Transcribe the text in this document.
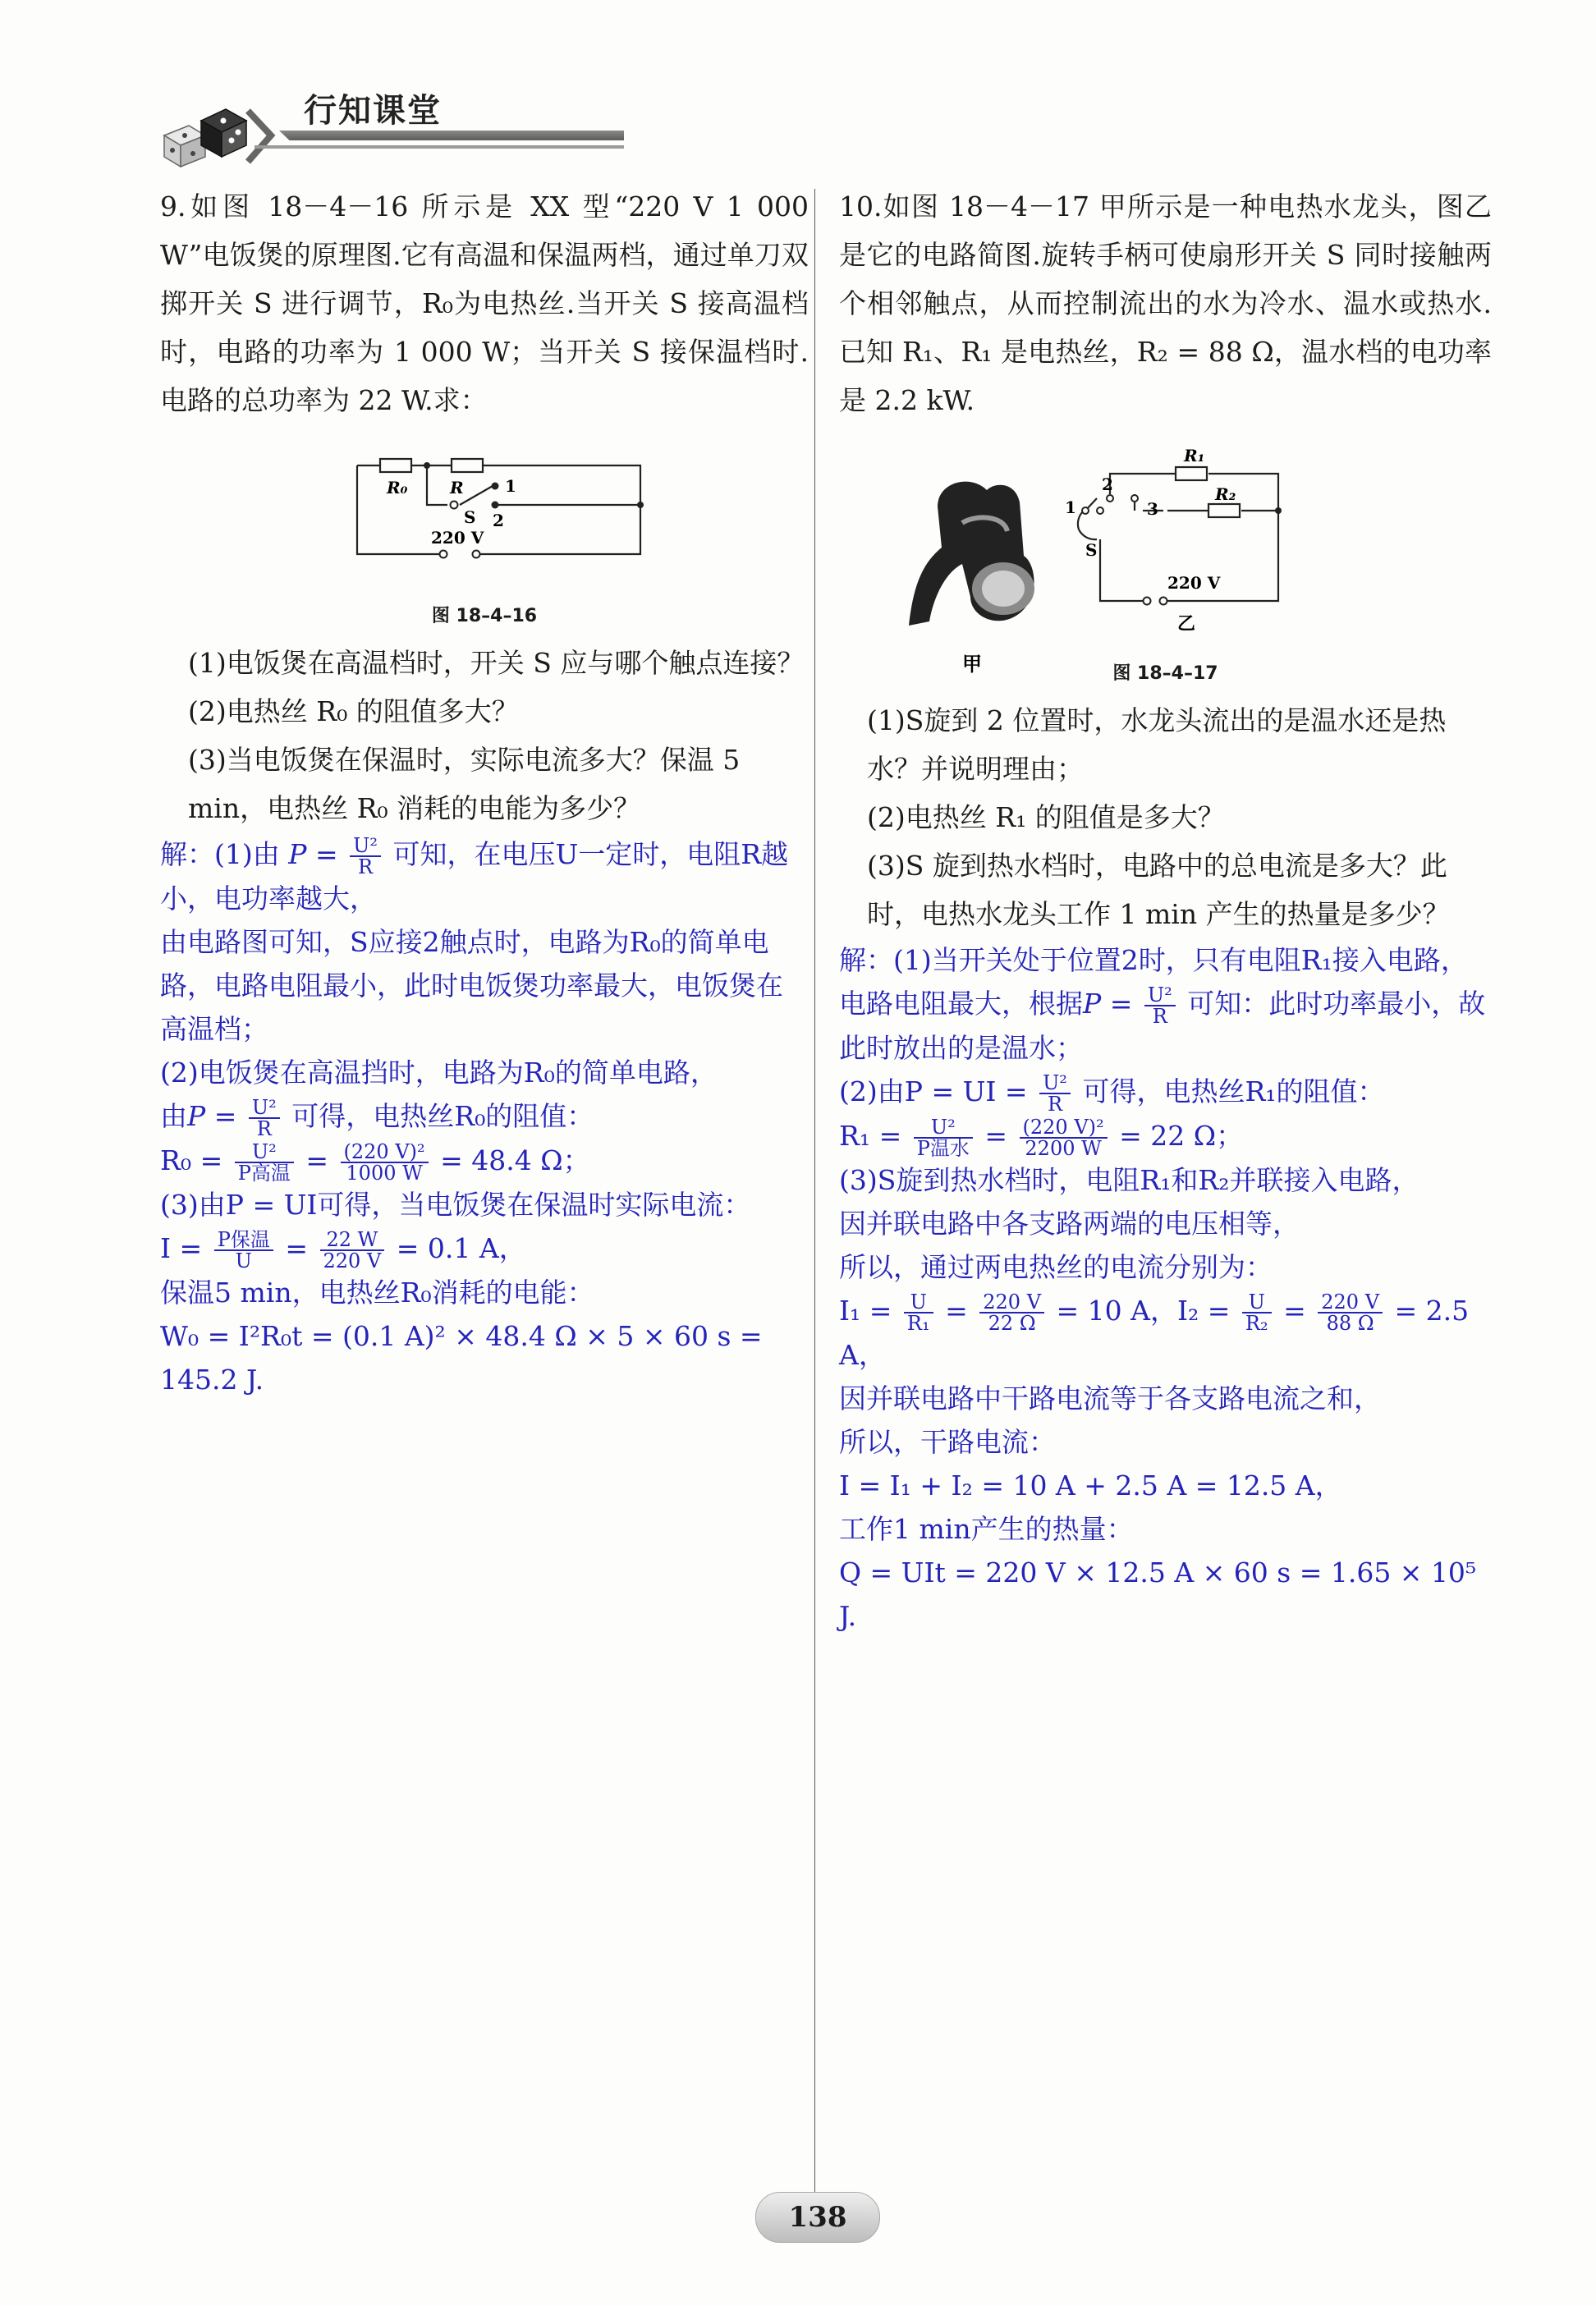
行知课堂

9.如图 18－4－16 所示是 XX 型“220 V 1 000 W”电饭煲的原理图.它有高温和保温两档，通过单刀双掷开关 S 进行调节，R₀为电热丝.当开关 S 接高温档时，电路的功率为 1 000 W；当开关 S 接保温档时.电路的总功率为 22 W.求：

R₀	R	1
2
S
220 V
图 18–4–16

(1)电饭煲在高温档时，开关 S 应与哪个触点连接？

(2)电热丝 R₀ 的阻值多大？

(3)当电饭煲在保温时，实际电流多大？保温 5 min，电热丝 R₀ 消耗的电能为多少？

解：(1)由 $P = \frac{\text{U²}}{R}$ 可知，在电压U一定时，电阻R越小，电功率越大，

由电路图可知，S应接2触点时，电路为R₀的简单电路，电路电阻最小，此时电饭煲功率最大，电饭煲在高温档；

(2)电饭煲在高温挡时，电路为R₀的简单电路，

由$P = \frac{\text{U²}}{R}$ 可得，电热丝R₀的阻值：

$R_0 = \frac{\text{U²}}{\text{P高温}} = \frac{\text{(220 V)²}}{1000 W} = 48.4$ Ω；

(3)由P = UI可得，当电饭煲在保温时实际电流：

$I = \frac{\text{P保温}}{U} = \frac{22 W}{220 V} = 0.1$ A，

保温5 min，电热丝R₀消耗的电能：

W₀ = I²R₀t = (0.1 A)² × 48.4 Ω × 5 × 60 s = 145.2 J.

10.如图 18－4－17 甲所示是一种电热水龙头，图乙是它的电路简图.旋转手柄可使扇形开关 S 同时接触两个相邻触点，从而控制流出的水为冷水、温水或热水.已知 R₁、R₁ 是电热丝，R₂ = 88 Ω，温水档的电功率是 2.2 kW.

甲
R₁
R₂
1
2
3
S
220 V
乙
图 18–4–17

(1)S旋到 2 位置时，水龙头流出的是温水还是热水？并说明理由；

(2)电热丝 R₁ 的阻值是多大？

(3)S 旋到热水档时，电路中的总电流是多大？此时，电热水龙头工作 1 min 产生的热量是多少？

解：(1)当开关处于位置2时，只有电阻R₁接入电路，电路电阻最大，根据$P = \frac{\text{U²}}{R}$ 可知：此时功率最小，故此时放出的是温水；

(2)由P = UI = $\frac{\text{U²}}{R}$ 可得，电热丝R₁的阻值：

$R_1 = \frac{\text{U²}}{\text{P温水}} = \frac{\text{(220 V)²}}{2200 W} = 22$ Ω；

(3)S旋到热水档时，电阻R₁和R₂并联接入电路，

因并联电路中各支路两端的电压相等，

所以，通过两电热丝的电流分别为：

$I_1 = \frac{U}{\text{R₁}} = \frac{220 V}{22 \Omega} = 10$ A，$I_2 = \frac{U}{\text{R₂}} = \frac{220 V}{88 \Omega} = 2.5$ A，

因并联电路中干路电流等于各支路电流之和，

所以，干路电流：

I = I₁ + I₂ = 10 A + 2.5 A = 12.5 A，

工作1 min产生的热量：

Q = UIt = 220 V × 12.5 A × 60 s = 1.65 × 10⁵ J.

138
